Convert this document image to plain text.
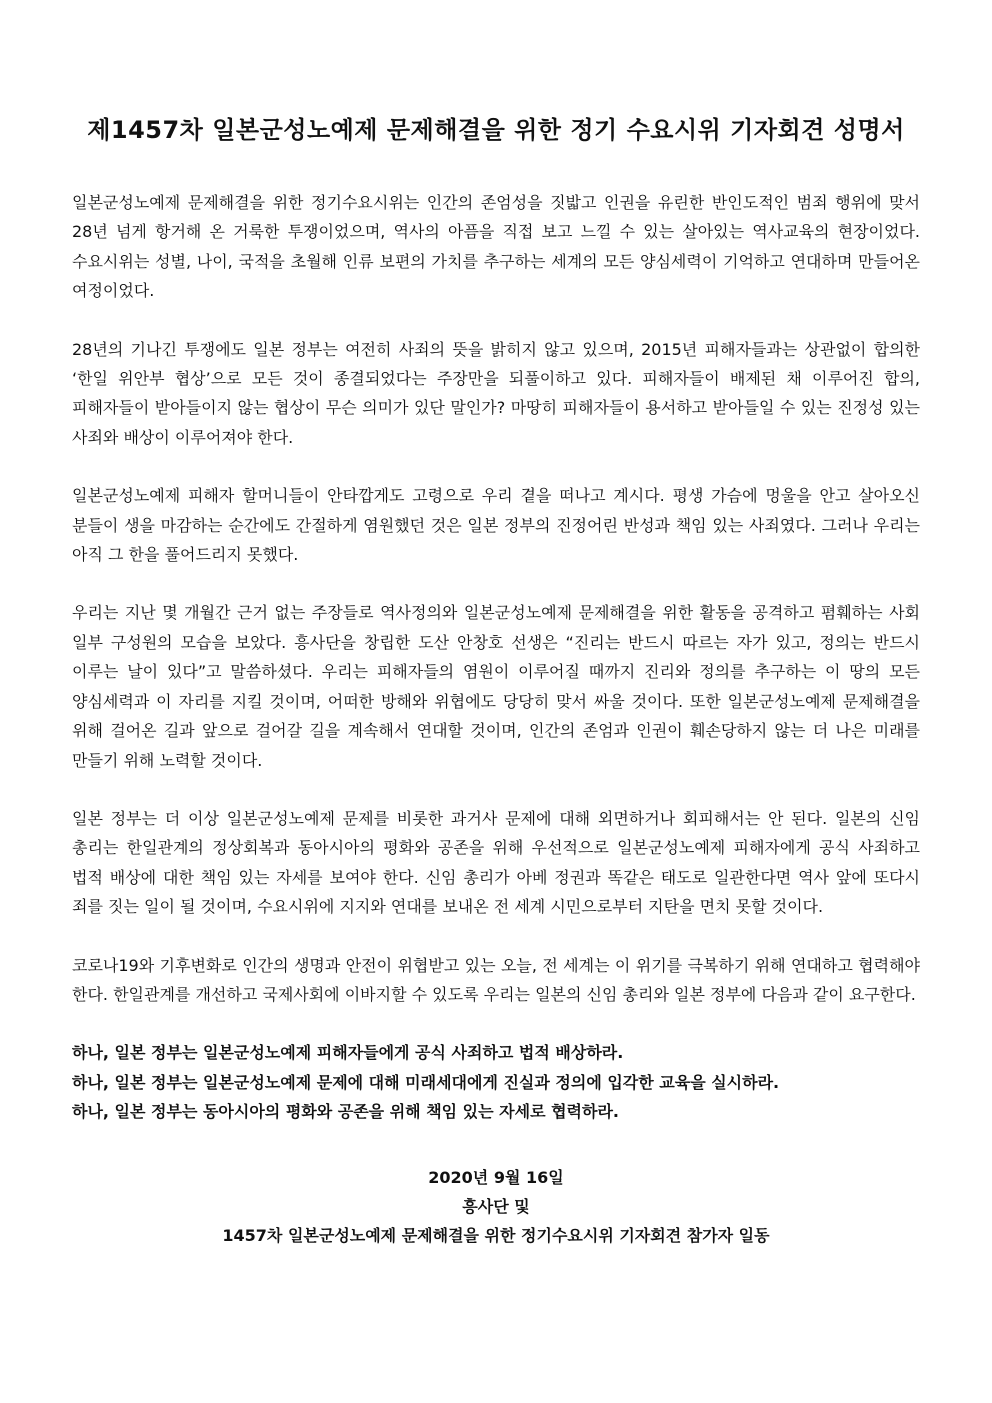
제1457차 일본군성노예제 문제해결을 위한 정기 수요시위 기자회견 성명서

일본군성노예제 문제해결을 위한 정기수요시위는 인간의 존엄성을 짓밟고 인권을 유린한 반인도적인 범죄 행위에 맞서 28년 넘게 항거해 온 거룩한 투쟁이었으며, 역사의 아픔을 직접 보고 느낄 수 있는 살아있는 역사교육의 현장이었다. 수요시위는 성별, 나이, 국적을 초월해 인류 보편의 가치를 추구하는 세계의 모든 양심세력이 기억하고 연대하며 만들어온 여정이었다.

28년의 기나긴 투쟁에도 일본 정부는 여전히 사죄의 뜻을 밝히지 않고 있으며, 2015년 피해자들과는 상관없이 합의한 ‘한일 위안부 협상’으로 모든 것이 종결되었다는 주장만을 되풀이하고 있다. 피해자들이 배제된 채 이루어진 합의, 피해자들이 받아들이지 않는 협상이 무슨 의미가 있단 말인가? 마땅히 피해자들이 용서하고 받아들일 수 있는 진정성 있는 사죄와 배상이 이루어져야 한다.

일본군성노예제 피해자 할머니들이 안타깝게도 고령으로 우리 곁을 떠나고 계시다. 평생 가슴에 멍울을 안고 살아오신 분들이 생을 마감하는 순간에도 간절하게 염원했던 것은 일본 정부의 진정어린 반성과 책임 있는 사죄였다. 그러나 우리는 아직 그 한을 풀어드리지 못했다.

우리는 지난 몇 개월간 근거 없는 주장들로 역사정의와 일본군성노예제 문제해결을 위한 활동을 공격하고 폄훼하는 사회 일부 구성원의 모습을 보았다. 흥사단을 창립한 도산 안창호 선생은 “진리는 반드시 따르는 자가 있고, 정의는 반드시 이루는 날이 있다”고 말씀하셨다. 우리는 피해자들의 염원이 이루어질 때까지 진리와 정의를 추구하는 이 땅의 모든 양심세력과 이 자리를 지킬 것이며, 어떠한 방해와 위협에도 당당히 맞서 싸울 것이다. 또한 일본군성노예제 문제해결을 위해 걸어온 길과 앞으로 걸어갈 길을 계속해서 연대할 것이며, 인간의 존엄과 인권이 훼손당하지 않는 더 나은 미래를 만들기 위해 노력할 것이다.

일본 정부는 더 이상 일본군성노예제 문제를 비롯한 과거사 문제에 대해 외면하거나 회피해서는 안 된다. 일본의 신임 총리는 한일관계의 정상회복과 동아시아의 평화와 공존을 위해 우선적으로 일본군성노예제 피해자에게 공식 사죄하고 법적 배상에 대한 책임 있는 자세를 보여야 한다. 신임 총리가 아베 정권과 똑같은 태도로 일관한다면 역사 앞에 또다시 죄를 짓는 일이 될 것이며, 수요시위에 지지와 연대를 보내온 전 세계 시민으로부터 지탄을 면치 못할 것이다.

코로나19와 기후변화로 인간의 생명과 안전이 위협받고 있는 오늘, 전 세계는 이 위기를 극복하기 위해 연대하고 협력해야 한다. 한일관계를 개선하고 국제사회에 이바지할 수 있도록 우리는 일본의 신임 총리와 일본 정부에 다음과 같이 요구한다.

하나, 일본 정부는 일본군성노예제 피해자들에게 공식 사죄하고 법적 배상하라.
하나, 일본 정부는 일본군성노예제 문제에 대해 미래세대에게 진실과 정의에 입각한 교육을 실시하라.
하나, 일본 정부는 동아시아의 평화와 공존을 위해 책임 있는 자세로 협력하라.
2020년 9월 16일
흥사단 및
1457차 일본군성노예제 문제해결을 위한 정기수요시위 기자회견 참가자 일동
